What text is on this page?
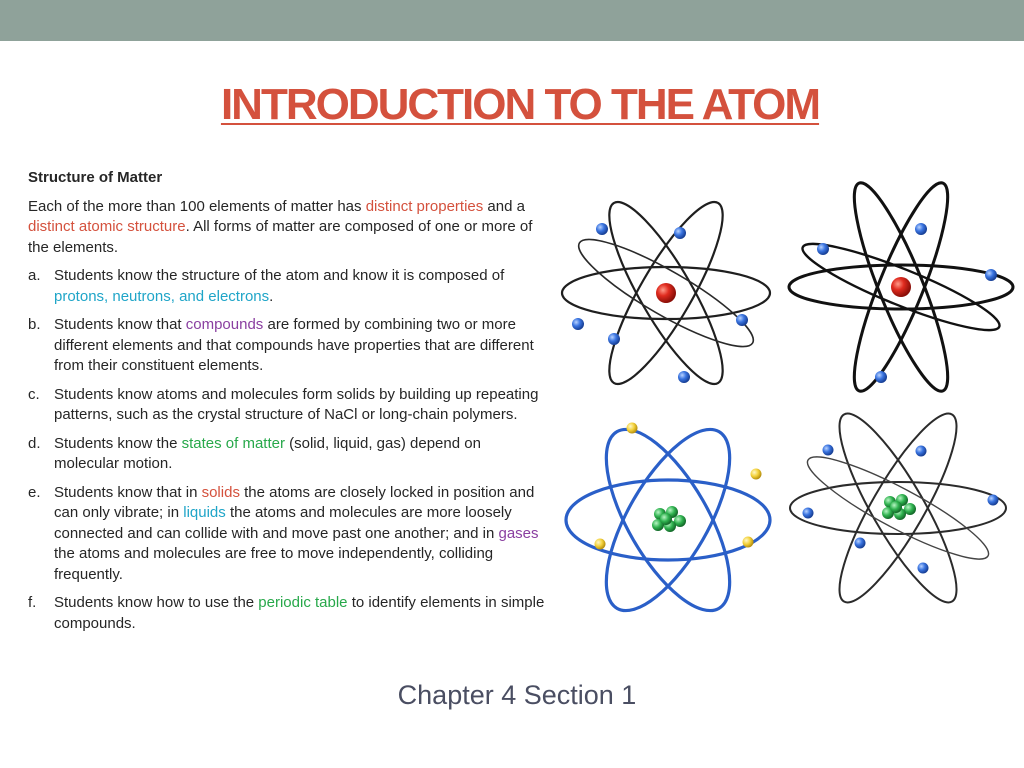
INTRODUCTION TO THE ATOM
Structure of Matter
Each of the more than 100 elements of matter has distinct properties and a distinct atomic structure. All forms of matter are composed of one or more of the elements.
a. Students know the structure of the atom and know it is composed of protons, neutrons, and electrons.
b. Students know that compounds are formed by combining two or more different elements and that compounds have properties that are different from their constituent elements.
c. Students know atoms and molecules form solids by building up repeating patterns, such as the crystal structure of NaCl or long-chain polymers.
d. Students know the states of matter (solid, liquid, gas) depend on molecular motion.
e. Students know that in solids the atoms are closely locked in position and can only vibrate; in liquids the atoms and molecules are more loosely connected and can collide with and move past one another; and in gases the atoms and molecules are free to move independently, colliding frequently.
f.	Students know how to use the periodic table to identify elements in simple compounds.
Chapter 4 Section 1
